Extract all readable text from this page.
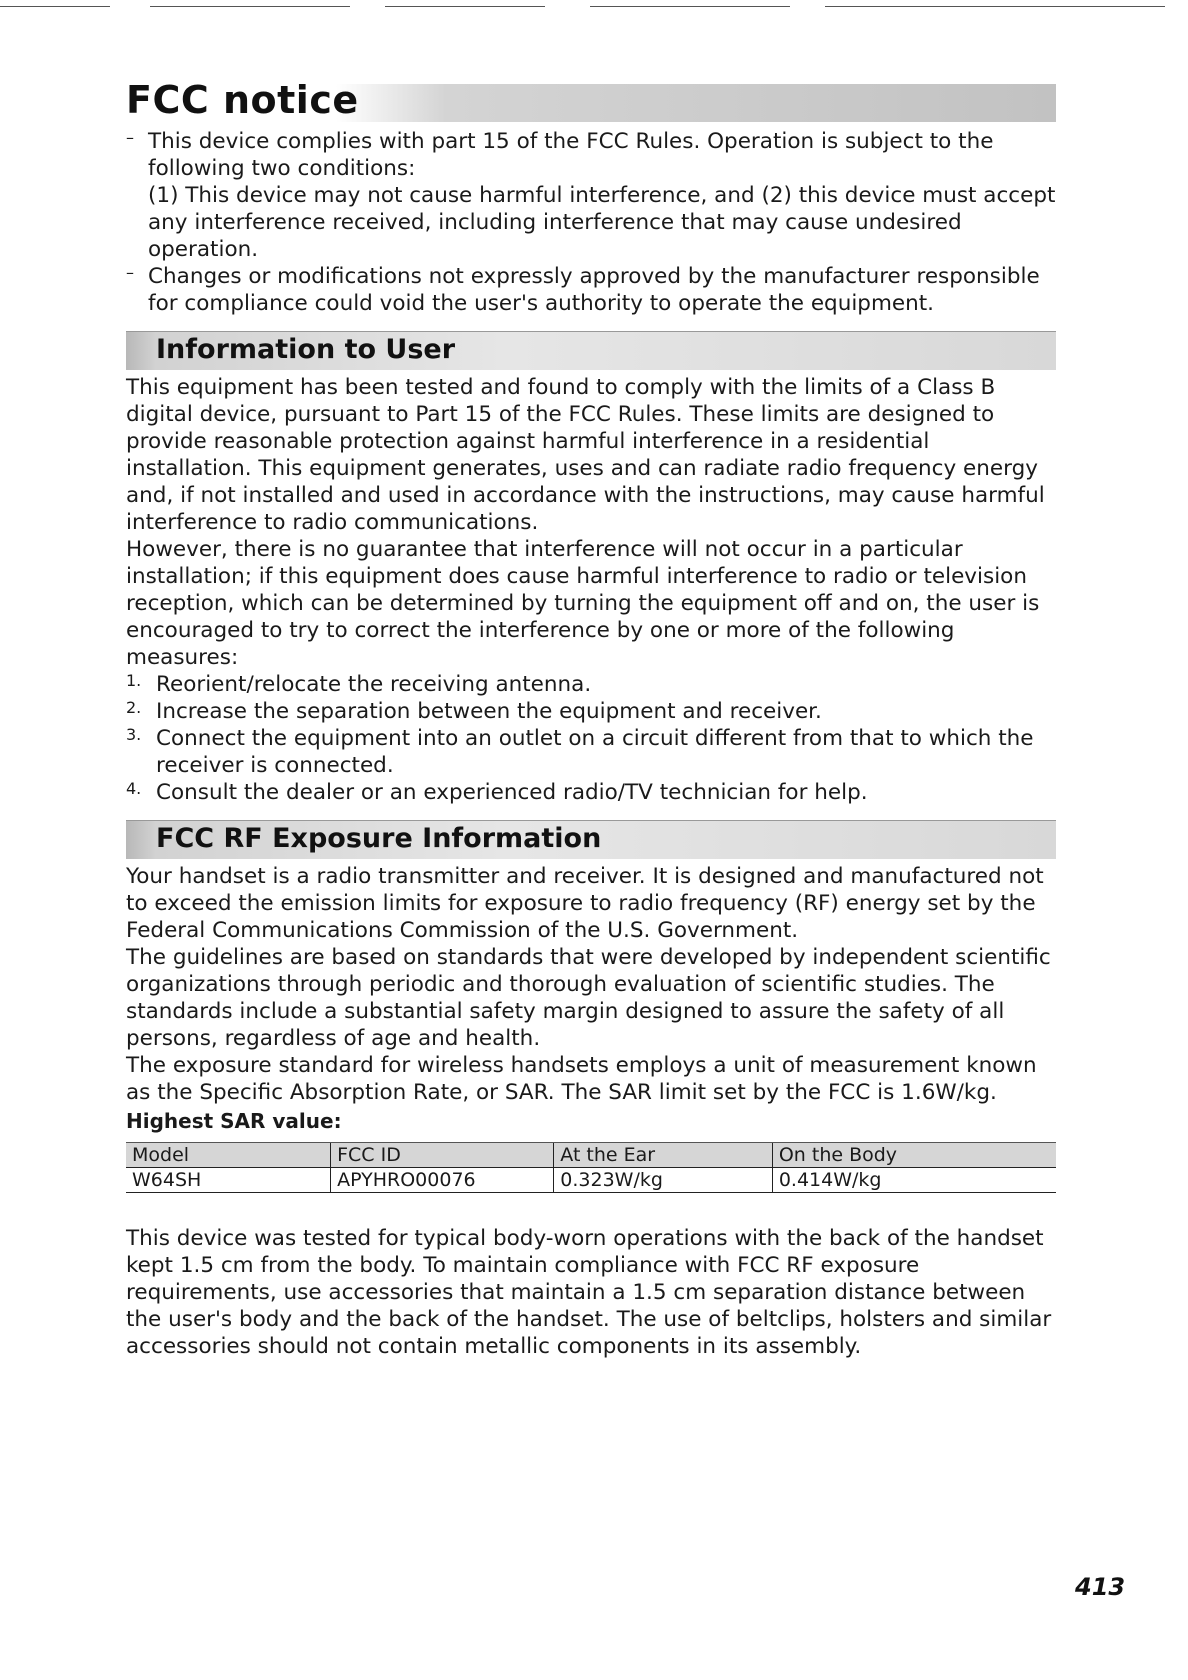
FCC notice
– This device complies with part 15 of the FCC Rules. Operation is subject to the following two conditions:

(1) This device may not cause harmful interference, and (2) this device must accept any interference received, including interference that may cause undesired operation.

– Changes or modifications not expressly approved by the manufacturer responsible for compliance could void the user's authority to operate the equipment.

Information to User

This equipment has been tested and found to comply with the limits of a Class B digital device, pursuant to Part 15 of the FCC Rules. These limits are designed to provide reasonable protection against harmful interference in a residential installation. This equipment generates, uses and can radiate radio frequency energy and, if not installed and used in accordance with the instructions, may cause harmful interference to radio communications.

However, there is no guarantee that interference will not occur in a particular installation; if this equipment does cause harmful interference to radio or television reception, which can be determined by turning the equipment off and on, the user is encouraged to try to correct the interference by one or more of the following measures:

1. Reorient/relocate the receiving antenna.

2. Increase the separation between the equipment and receiver.

3. Connect the equipment into an outlet on a circuit different from that to which the receiver is connected.

4. Consult the dealer or an experienced radio/TV technician for help.

FCC RF Exposure Information

Your handset is a radio transmitter and receiver. It is designed and manufactured not to exceed the emission limits for exposure to radio frequency (RF) energy set by the Federal Communications Commission of the U.S. Government.

The guidelines are based on standards that were developed by independent scientific organizations through periodic and thorough evaluation of scientific studies. The standards include a substantial safety margin designed to assure the safety of all persons, regardless of age and health.

The exposure standard for wireless handsets employs a unit of measurement known as the Specific Absorption Rate, or SAR. The SAR limit set by the FCC is 1.6W/kg.

Highest SAR value:

Model	FCC ID	At the Ear	On the Body
W64SH	APYHRO00076	0.323W/kg	0.414W/kg

This device was tested for typical body-worn operations with the back of the handset kept 1.5 cm from the body. To maintain compliance with FCC RF exposure requirements, use accessories that maintain a 1.5 cm separation distance between the user's body and the back of the handset. The use of beltclips, holsters and similar accessories should not contain metallic components in its assembly.

413
